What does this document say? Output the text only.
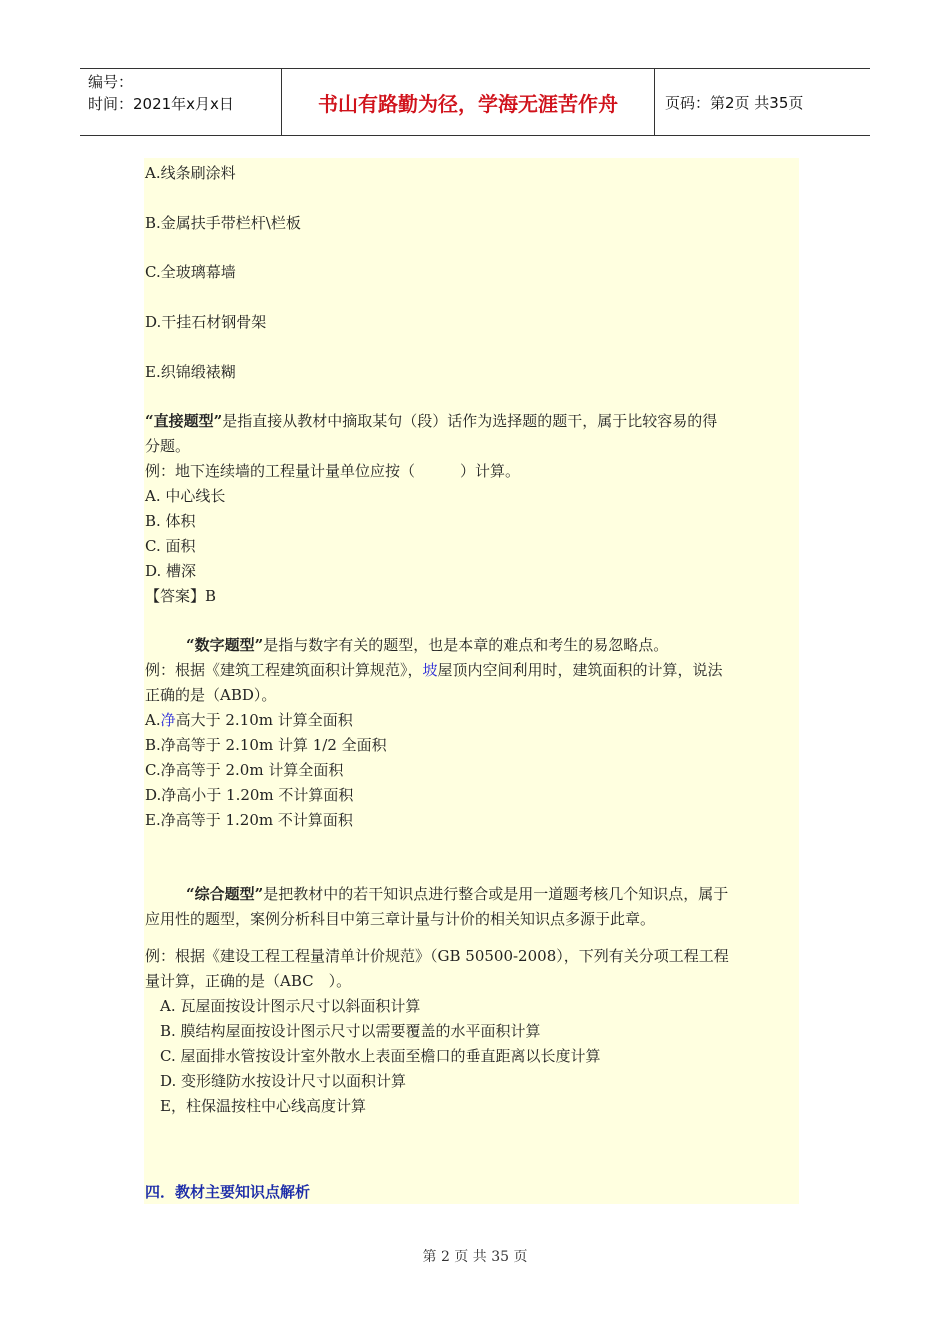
编号：
时间：2021年x月x日	书山有路勤为径，学海无涯苦作舟	页码：第2页 共35页
A.线条刷涂料
B.金属扶手带栏杆\栏板
C.全玻璃幕墙
D.干挂石材钢骨架
E.织锦缎裱糊
“直接题型”是指直接从教材中摘取某句（段）话作为选择题的题干，属于比较容易的得
分题。
例：地下连续墙的工程量计量单位应按（　　　）计算。
A. 中心线长
B. 体积
C. 面积
D. 槽深
【答案】B
“数字题型”是指与数字有关的题型，也是本章的难点和考生的易忽略点。
例：根据《建筑工程建筑面积计算规范》，坡屋顶内空间利用时，建筑面积的计算，说法
正确的是（ABD）。
A.净高大于 2.10m 计算全面积
B.净高等于 2.10m 计算 1/2 全面积
C.净高等于 2.0m 计算全面积
D.净高小于 1.20m 不计算面积
E.净高等于 1.20m 不计算面积
“综合题型”是把教材中的若干知识点进行整合或是用一道题考核几个知识点，属于
应用性的题型，案例分析科目中第三章计量与计价的相关知识点多源于此章。
例：根据《建设工程工程量清单计价规范》（GB 50500-2008），下列有关分项工程工程
量计算，正确的是（ABC　）。
A. 瓦屋面按设计图示尺寸以斜面积计算
B. 膜结构屋面按设计图示尺寸以需要覆盖的水平面积计算
C. 屋面排水管按设计室外散水上表面至檐口的垂直距离以长度计算
D. 变形缝防水按设计尺寸以面积计算
E，柱保温按柱中心线高度计算
四．教材主要知识点解析
第 2 页 共 35 页
